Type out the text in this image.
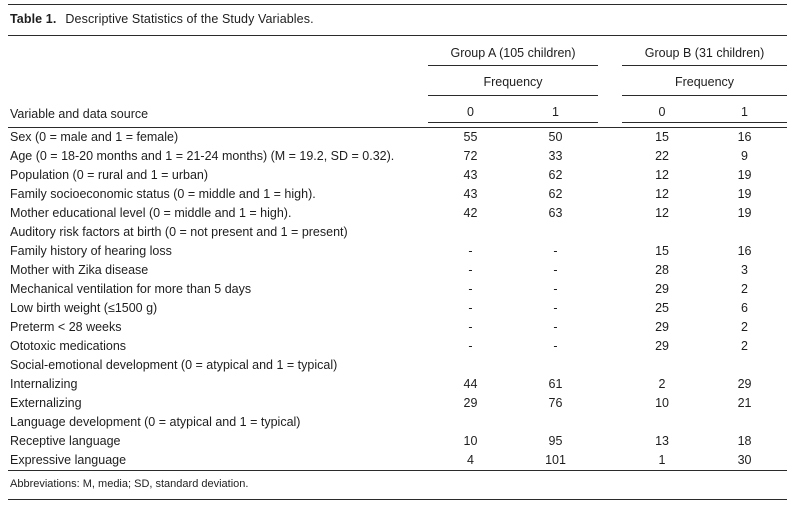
Table 1. Descriptive Statistics of the Study Variables.
	Group A (105 children)			Group B (31 children)	
	Frequency			Frequency	
Variable and data source	0	1		0	1
Sex (0 = male and 1 = female)	55	50		15	16
Age (0 = 18-20 months and 1 = 21-24 months) (M = 19.2, SD = 0.32).	72	33		22	9
Population (0 = rural and 1 = urban)	43	62		12	19
Family socioeconomic status (0 = middle and 1 = high).	43	62		12	19
Mother educational level (0 = middle and 1 = high).	42	63		12	19
Auditory risk factors at birth (0 = not present and 1 = present)					
Family history of hearing loss	-	-		15	16
Mother with Zika disease	-	-		28	3
Mechanical ventilation for more than 5 days	-	-		29	2
Low birth weight (≤1500 g)	-	-		25	6
Preterm < 28 weeks	-	-		29	2
Ototoxic medications	-	-		29	2
Social-emotional development (0 = atypical and 1 = typical)					
Internalizing	44	61		2	29
Externalizing	29	76		10	21
Language development (0 = atypical and 1 = typical)					
Receptive language	10	95		13	18
Expressive language	4	101		1	30
Abbreviations: M, media; SD, standard deviation.
